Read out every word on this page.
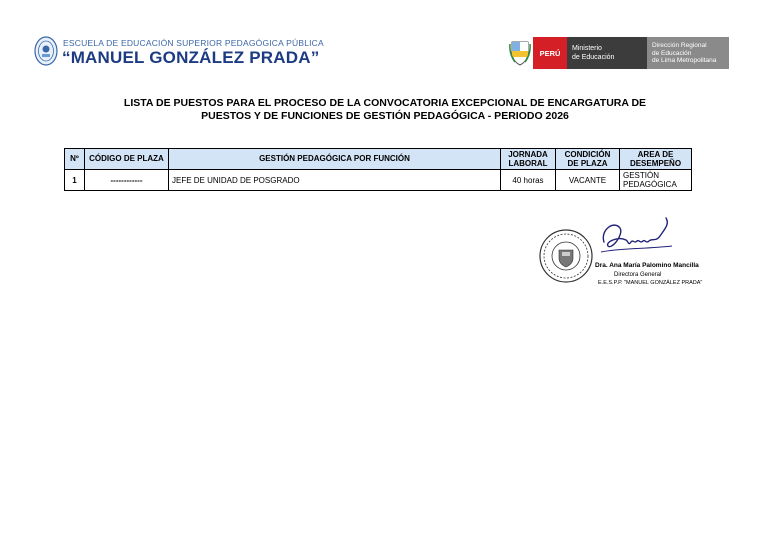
ESCUELA DE EDUCACIÓN SUPERIOR PEDAGÓGICA PÚBLICA
“MANUEL GONZÁLEZ PRADA”	PERÚ	Ministerio
de Educación
Dirección Regional
de Educación
de Lima Metropolitana
LISTA DE PUESTOS PARA EL PROCESO DE LA CONVOCATORIA EXCEPCIONAL DE ENCARGATURA DE
PUESTOS Y DE FUNCIONES DE GESTIÓN PEDAGÓGICA - PERIODO 2026
Nº	CÓDIGO DE PLAZA	GESTIÓN PEDAGÓGICA POR FUNCIÓN	JORNADA LABORAL	CONDICIÓN DE PLAZA	AREA DE DESEMPEÑO
1	------------	JEFE DE UNIDAD DE POSGRADO	40 horas	VACANTE	GESTIÓN PEDAGÓGICA
Dra. Ana María Palomino Mancilla
Directora General
E.E.S.P.P. "MANUEL GONZÁLEZ PRADA"
